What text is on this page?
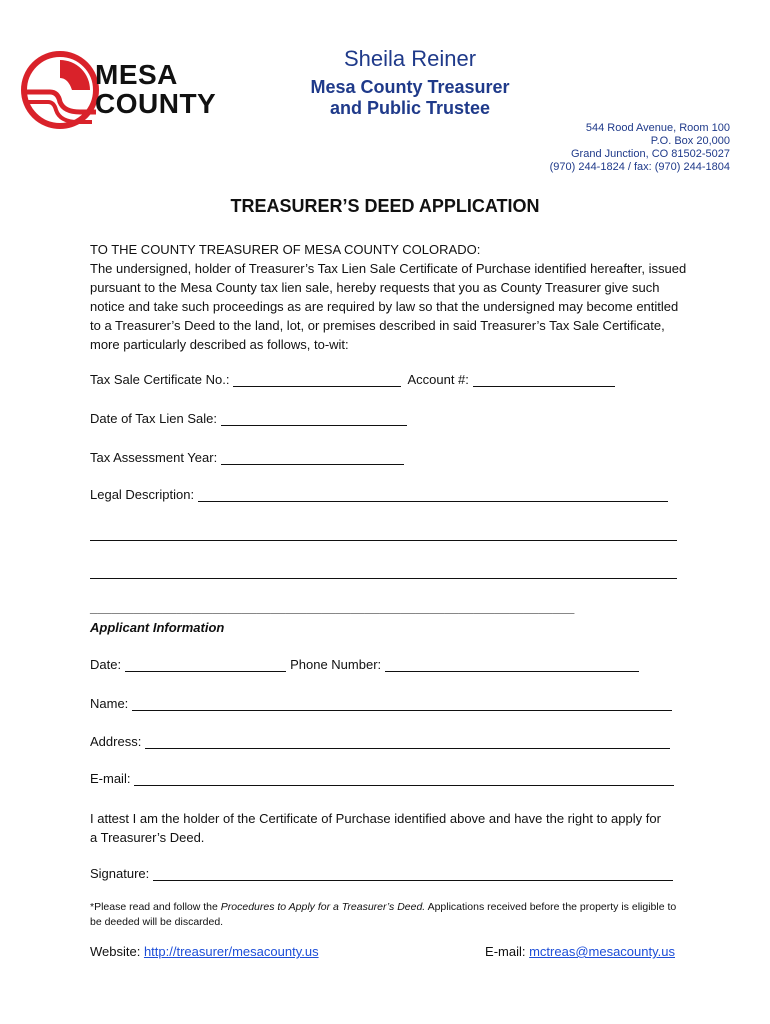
MESA
COUNTY
Sheila Reiner
Mesa County Treasurer
and Public Trustee
544 Rood Avenue, Room 100
P.O. Box 20,000
Grand Junction, CO 81502-5027
(970) 244-1824 / fax: (970) 244-1804
TREASURER’S DEED APPLICATION
TO THE COUNTY TREASURER OF MESA COUNTY COLORADO:
The undersigned, holder of Treasurer’s Tax Lien Sale Certificate of Purchase identified hereafter, issued pursuant to the Mesa County tax lien sale, hereby requests that you as County Treasurer give such notice and take such proceedings as are required by law so that the undersigned may become entitled to a Treasurer’s Deed to the land, lot, or premises described in said Treasurer’s Tax Sale Certificate, more particularly described as follows, to-wit:
Tax Sale Certificate No.:	Account #:
Date of Tax Lien Sale:
Tax Assessment Year:
Legal Description:
___________________________________________________________________
Applicant Information
Date:	Phone Number:
Name:
Address:
E-mail:
I attest I am the holder of the Certificate of Purchase identified above and have the right to apply for a Treasurer’s Deed.
Signature:
*Please read and follow the Procedures to Apply for a Treasurer’s Deed. Applications received before the property is eligible to be deeded will be discarded.
Website: http://treasurer/mesacounty.us	E-mail: mctreas@mesacounty.us
